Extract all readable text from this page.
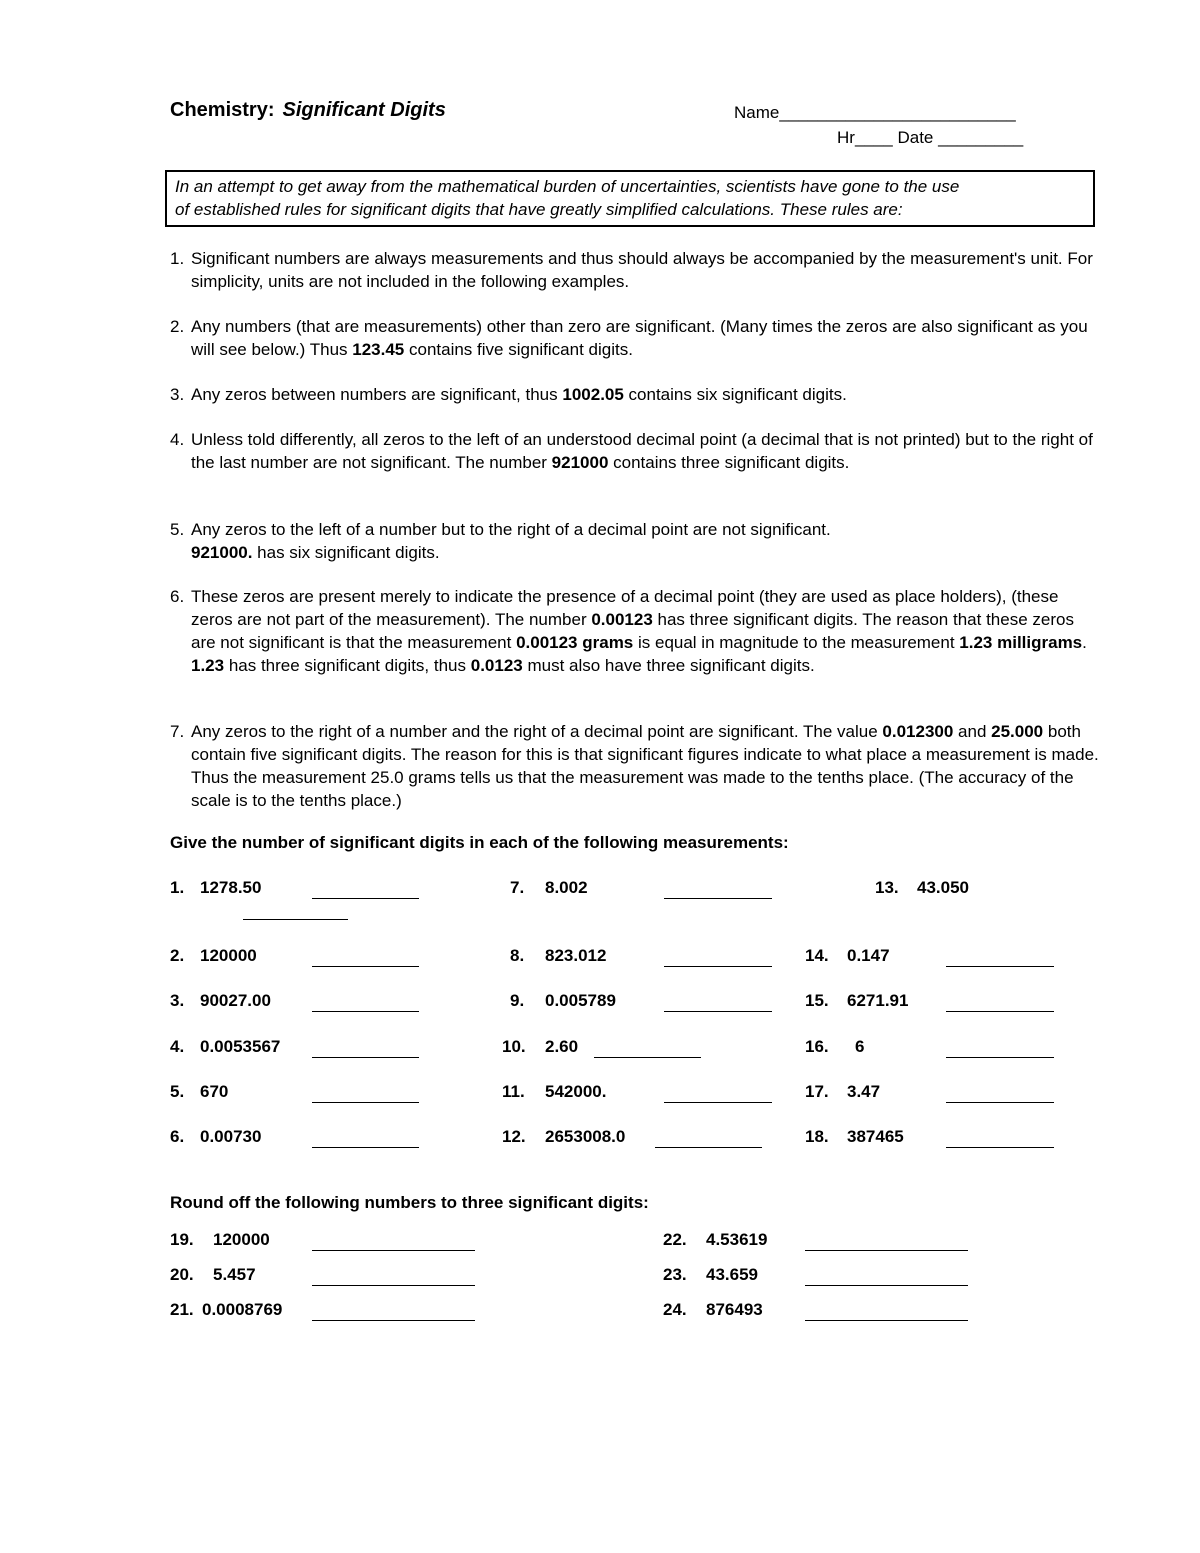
Chemistry: Significant Digits	Name_________________________
Hr____ Date _________
In an attempt to get away from the mathematical burden of uncertainties, scientists have gone to the use
of established rules for significant digits that have greatly simplified calculations. These rules are:
1. Significant numbers are always measurements and thus should always be accompanied by the measurement's unit. For simplicity, units are not included in the following examples.
2. Any numbers (that are measurements) other than zero are significant. (Many times the zeros are also significant as you will see below.) Thus 123.45 contains five significant digits.
3. Any zeros between numbers are significant, thus 1002.05 contains six significant digits.
4. Unless told differently, all zeros to the left of an understood decimal point (a decimal that is not printed) but to the right of the last number are not significant. The number 921000 contains three significant digits.
5. Any zeros to the left of a number but to the right of a decimal point are not significant.
921000. has six significant digits.
6. These zeros are present merely to indicate the presence of a decimal point (they are used as place holders), (these zeros are not part of the measurement). The number 0.00123 has three significant digits. The reason that these zeros are not significant is that the measurement 0.00123 grams is equal in magnitude to the measurement 1.23 milligrams. 1.23 has three significant digits, thus 0.0123 must also have three significant digits.
7. Any zeros to the right of a number and the right of a decimal point are significant. The value 0.012300 and 25.000 both contain five significant digits. The reason for this is that significant figures indicate to what place a measurement is made. Thus the measurement 25.0 grams tells us that the measurement was made to the tenths place. (The accuracy of the scale is to the tenths place.)
Give the number of significant digits in each of the following measurements:
1. 1278.50
2. 120000
3. 90027.00
4. 0.0053567
5. 670
6. 0.00730
7. 8.002
8. 823.012
9. 0.005789
10. 2.60
11. 542000.
12. 2653008.0
13. 43.050
14. 0.147
15. 6271.91
16. 6
17. 3.47
18. 387465
Round off the following numbers to three significant digits:
19. 120000
20. 5.457
21. 0.0008769
22. 4.53619
23. 43.659
24. 876493
